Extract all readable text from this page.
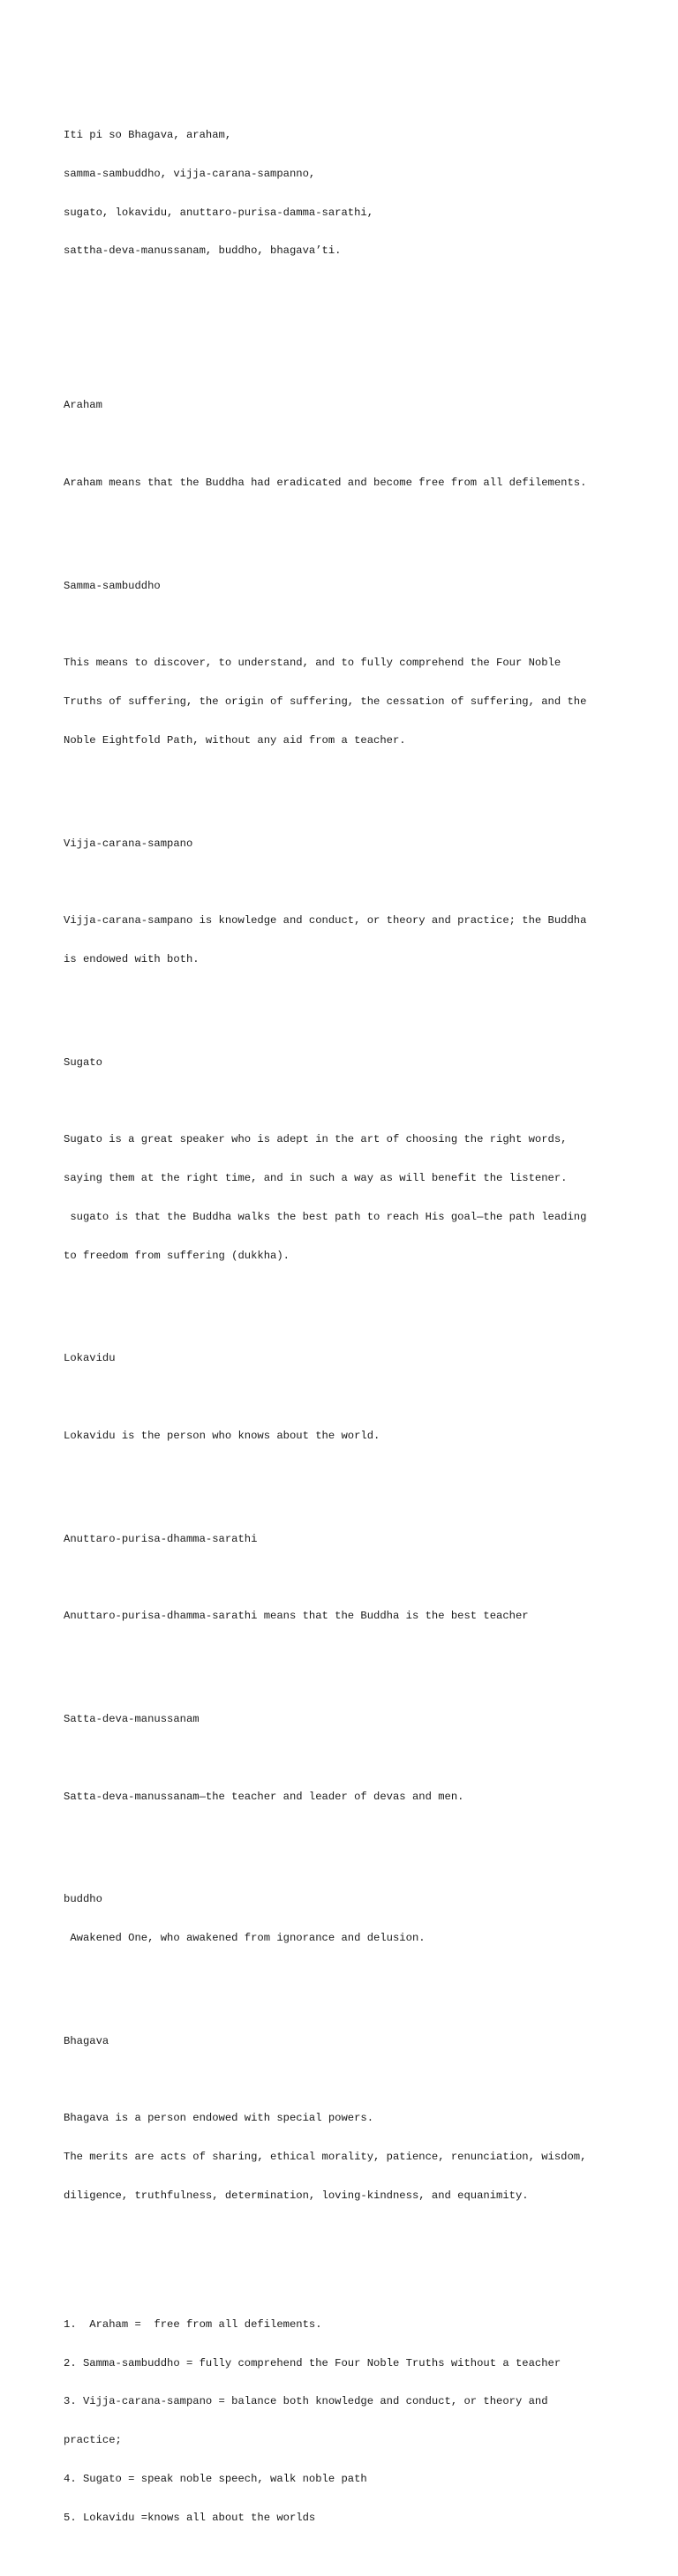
Iti pi so Bhagava, araham,

samma-sambuddho, vijja-carana-sampanno,

sugato, lokavidu, anuttaro-purisa-damma-sarathi,

sattha-deva-manussanam, buddho, bhagava’ti.

Araham

Araham means that the Buddha had eradicated and become free from all defilements.

Samma-sambuddho

This means to discover, to understand, and to fully comprehend the Four Noble

Truths of suffering, the origin of suffering, the cessation of suffering, and the

Noble Eightfold Path, without any aid from a teacher.

Vijja-carana-sampano

Vijja-carana-sampano is knowledge and conduct, or theory and practice; the Buddha

is endowed with both.

Sugato

Sugato is a great speaker who is adept in the art of choosing the right words,

saying them at the right time, and in such a way as will benefit the listener.

sugato is that the Buddha walks the best path to reach His goal—the path leading

to freedom from suffering (dukkha).

Lokavidu

Lokavidu is the person who knows about the world.

Anuttaro-purisa-dhamma-sarathi

Anuttaro-purisa-dhamma-sarathi means that the Buddha is the best teacher

Satta-deva-manussanam

Satta-deva-manussanam—the teacher and leader of devas and men.

buddho

Awakened One, who awakened from ignorance and delusion.

Bhagava

Bhagava is a person endowed with special powers.

The merits are acts of sharing, ethical morality, patience, renunciation, wisdom,

diligence, truthfulness, determination, loving-kindness, and equanimity.

1.  Araham =  free from all defilements.

2. Samma-sambuddho = fully comprehend the Four Noble Truths without a teacher

3. Vijja-carana-sampano = balance both knowledge and conduct, or theory and

practice;

4. Sugato = speak noble speech, walk noble path

5. Lokavidu =knows all about the worlds
